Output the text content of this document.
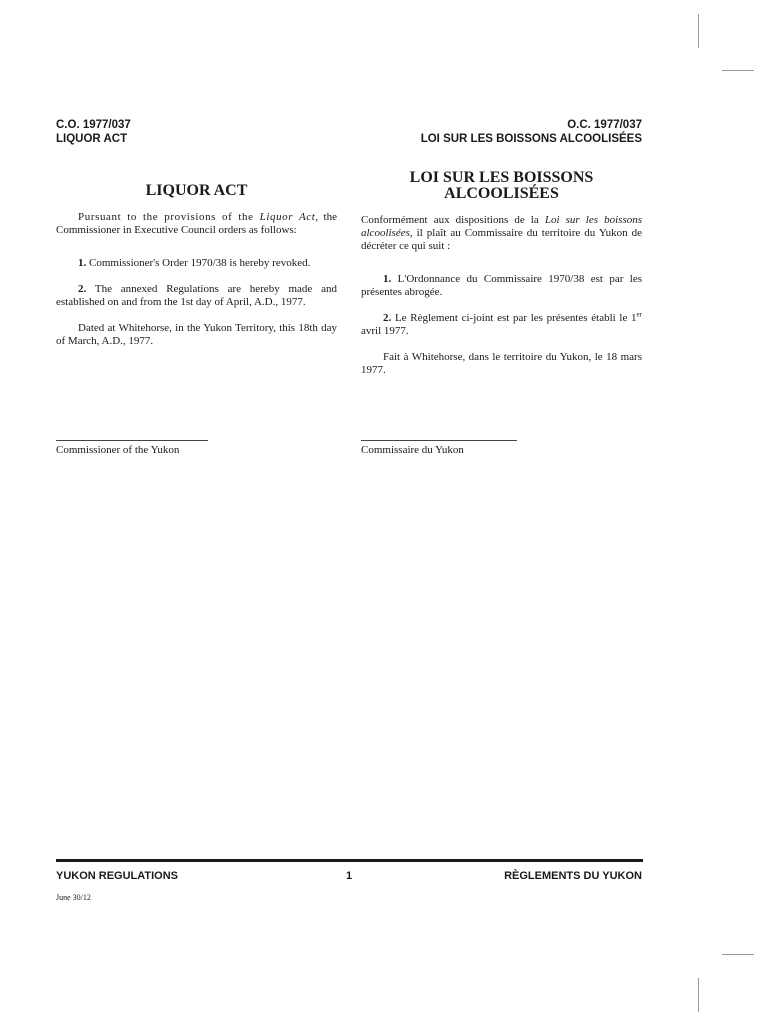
C.O. 1977/037
LIQUOR ACT
O.C. 1977/037
LOI SUR LES BOISSONS ALCOOLISÉES
LIQUOR ACT

Pursuant to the provisions of the Liquor Act, the Commissioner in Executive Council orders as follows:

1. Commissioner's Order 1970/38 is hereby revoked.

2. The annexed Regulations are hereby made and established on and from the 1st day of April, A.D., 1977.

Dated at Whitehorse, in the Yukon Territory, this 18th day of March, A.D., 1977.

LOI SUR LES BOISSONS
ALCOOLISÉES

Conformément aux dispositions de la Loi sur les boissons alcoolisées, il plaît au Commissaire du territoire du Yukon de décréter ce qui suit :

1. L'Ordonnance du Commissaire 1970/38 est par les présentes abrogée.

2. Le Règlement ci-joint est par les présentes établi le 1er avril 1977.

Fait à Whitehorse, dans le territoire du Yukon, le 18 mars 1977.

Commissioner of the Yukon	Commissaire du Yukon
YUKON REGULATIONS	1	RÈGLEMENTS DU YUKON
June 30/12
